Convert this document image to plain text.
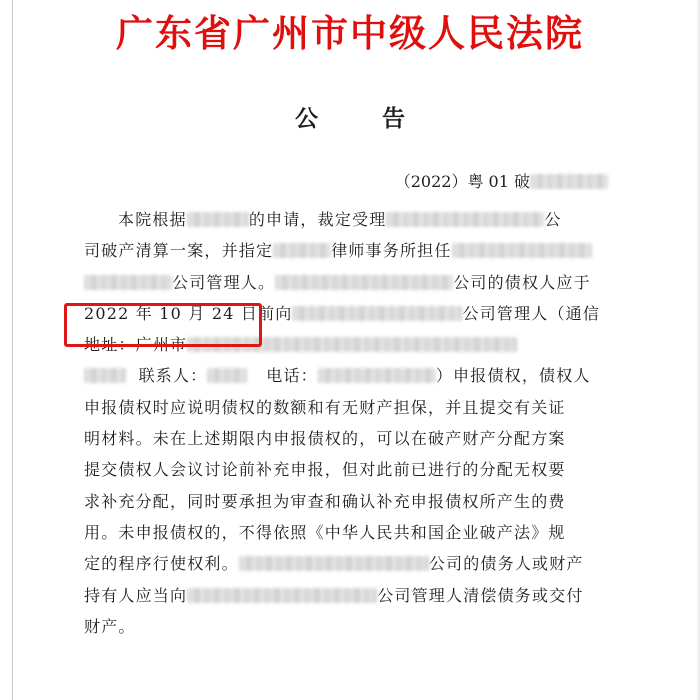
广东省广州市中级人民法院
公 告
（2022）粤 01 破
本院根据	的申请，裁定受理	公
司破产清算一案，并指定	律师事务所担任
公司管理人。	公司的债权人应于
2022 年 10 月 24 日前向	公司管理人（通信
地址：广州市
联系人：	电话：	）申报债权，债权人
申报债权时应说明债权的数额和有无财产担保，并且提交有关证
明材料。未在上述期限内申报债权的，可以在破产财产分配方案
提交债权人会议讨论前补充申报，但对此前已进行的分配无权要
求补充分配，同时要承担为审查和确认补充申报债权所产生的费
用。未申报债权的，不得依照《中华人民共和国企业破产法》规
定的程序行使权利。	公司的债务人或财产
持有人应当向	公司管理人清偿债务或交付
财产。
